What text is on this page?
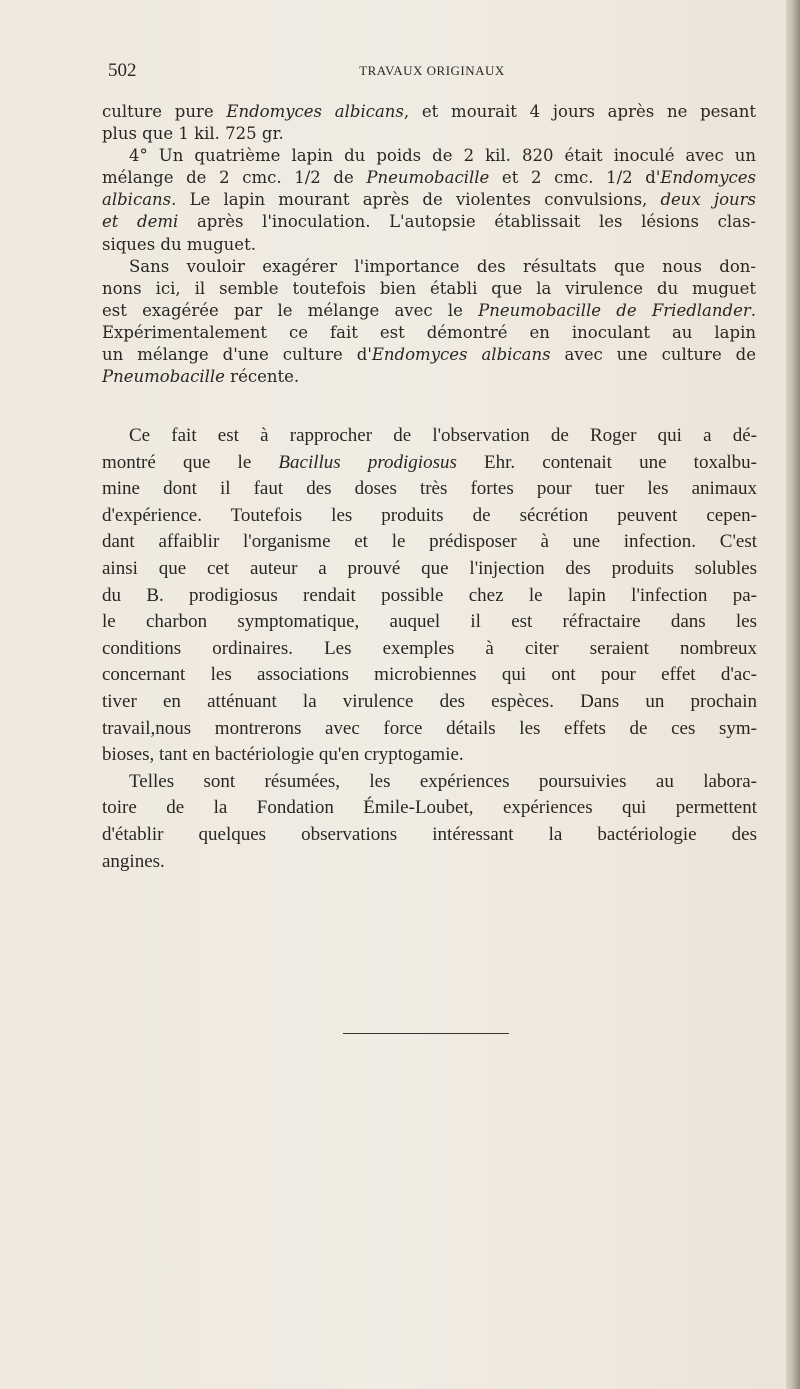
502	TRAVAUX ORIGINAUX
culture pure Endomyces albicans, et mourait 4 jours après ne pesant
plus que 1 kil. 725 gr.
4° Un quatrième lapin du poids de 2 kil. 820 était inoculé avec un
mélange de 2 cmc. 1/2 de Pneumobacille et 2 cmc. 1/2 d'Endomyces
albicans. Le lapin mourant après de violentes convulsions, deux jours
et demi après l'inoculation. L'autopsie établissait les lésions clas-
siques du muguet.
Sans vouloir exagérer l'importance des résultats que nous don-
nons ici, il semble toutefois bien établi que la virulence du muguet
est exagérée par le mélange avec le Pneumobacille de Friedlander.
Expérimentalement ce fait est démontré en inoculant au lapin
un mélange d'une culture d'Endomyces albicans avec une culture de
Pneumobacille récente.
Ce fait est à rapprocher de l'observation de Roger qui a dé-
montré que le Bacillus prodigiosus Ehr. contenait une toxalbu-
mine dont il faut des doses très fortes pour tuer les animaux
d'expérience. Toutefois les produits de sécrétion peuvent cepen-
dant affaiblir l'organisme et le prédisposer à une infection. C'est
ainsi que cet auteur a prouvé que l'injection des produits solubles
du B. prodigiosus rendait possible chez le lapin l'infection pa-
le charbon symptomatique, auquel il est réfractaire dans les
conditions ordinaires. Les exemples à citer seraient nombreux
concernant les associations microbiennes qui ont pour effet d'ac-
tiver en atténuant la virulence des espèces. Dans un prochain
travail,nous montrerons avec force détails les effets de ces sym-
bioses, tant en bactériologie qu'en cryptogamie.
Telles sont résumées, les expériences poursuivies au labora-
toire de la Fondation Émile-Loubet, expériences qui permettent
d'établir quelques observations intéressant la bactériologie des
angines.
